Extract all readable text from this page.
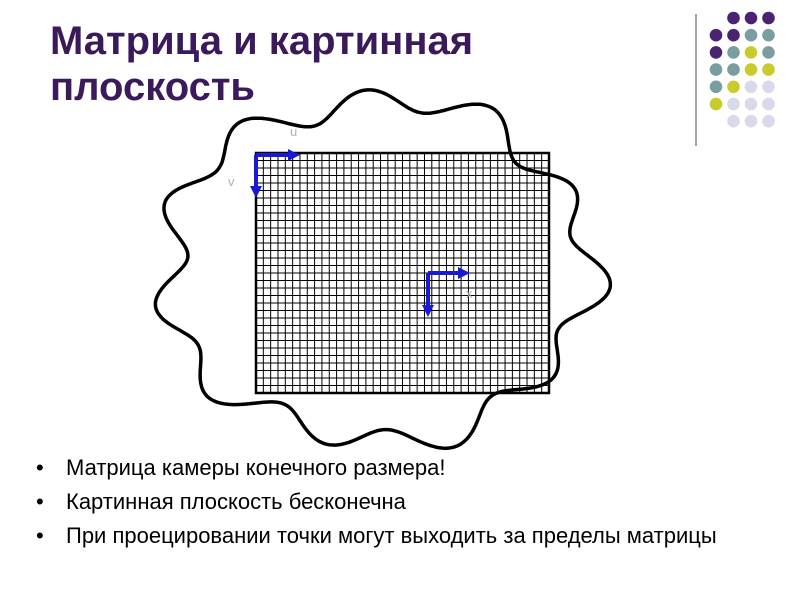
Матрица и картинная
плоскость
u
v
x
• Матрица камеры конечного размера!
• Картинная плоскость бесконечна
• При проецировании точки могут выходить за пределы матрицы
